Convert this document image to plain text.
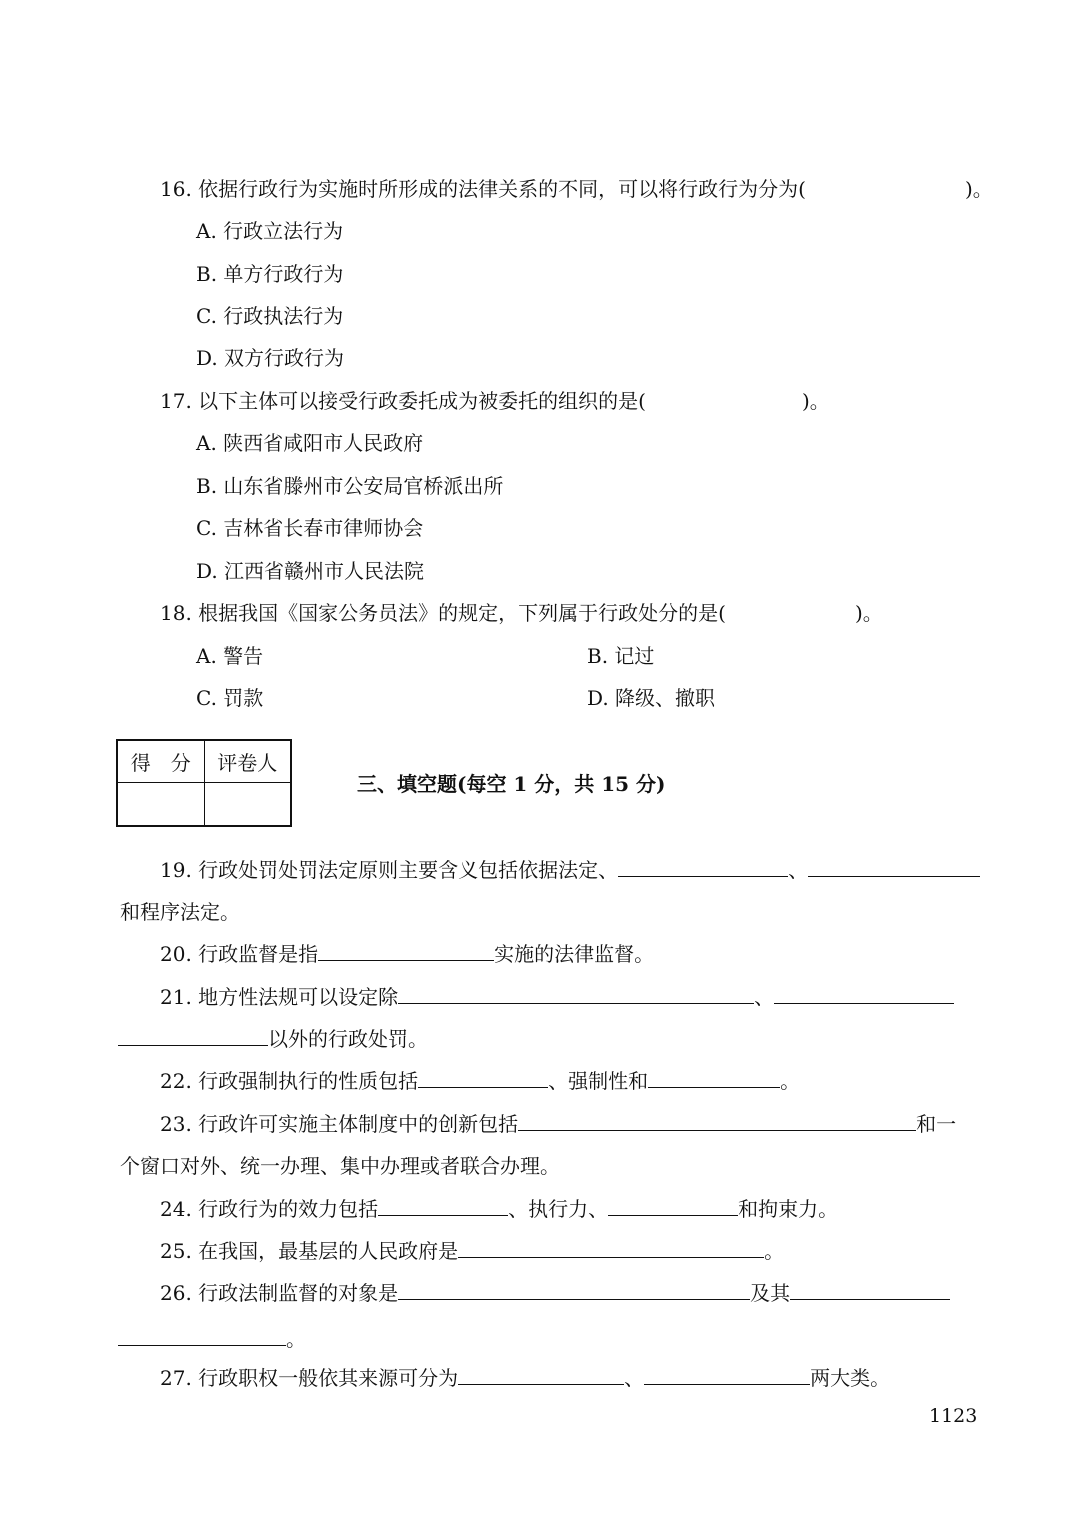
16. 依据行政行为实施时所形成的法律关系的不同，可以将行政行为分为(	)。
A. 行政立法行为
B. 单方行政行为
C. 行政执法行为
D. 双方行政行为
17. 以下主体可以接受行政委托成为被委托的组织的是(	)。
A. 陕西省咸阳市人民政府
B. 山东省滕州市公安局官桥派出所
C. 吉林省长春市律师协会
D. 江西省赣州市人民法院
18. 根据我国《国家公务员法》的规定，下列属于行政处分的是(	)。
A. 警告	B. 记过
C. 罚款	D. 降级、撤职
得　分	评卷人

三、填空题(每空 1 分，共 15 分)
19. 行政处罚处罚法定原则主要含义包括依据法定、	、
和程序法定。
20. 行政监督是指	实施的法律监督。
21. 地方性法规可以设定除	、
以外的行政处罚。
22. 行政强制执行的性质包括	、强制性和	。
23. 行政许可实施主体制度中的创新包括	和一
个窗口对外、统一办理、集中办理或者联合办理。
24. 行政行为的效力包括	、执行力、	和拘束力。
25. 在我国，最基层的人民政府是	。
26. 行政法制监督的对象是	及其
。
27. 行政职权一般依其来源可分为	、	两大类。
1123
